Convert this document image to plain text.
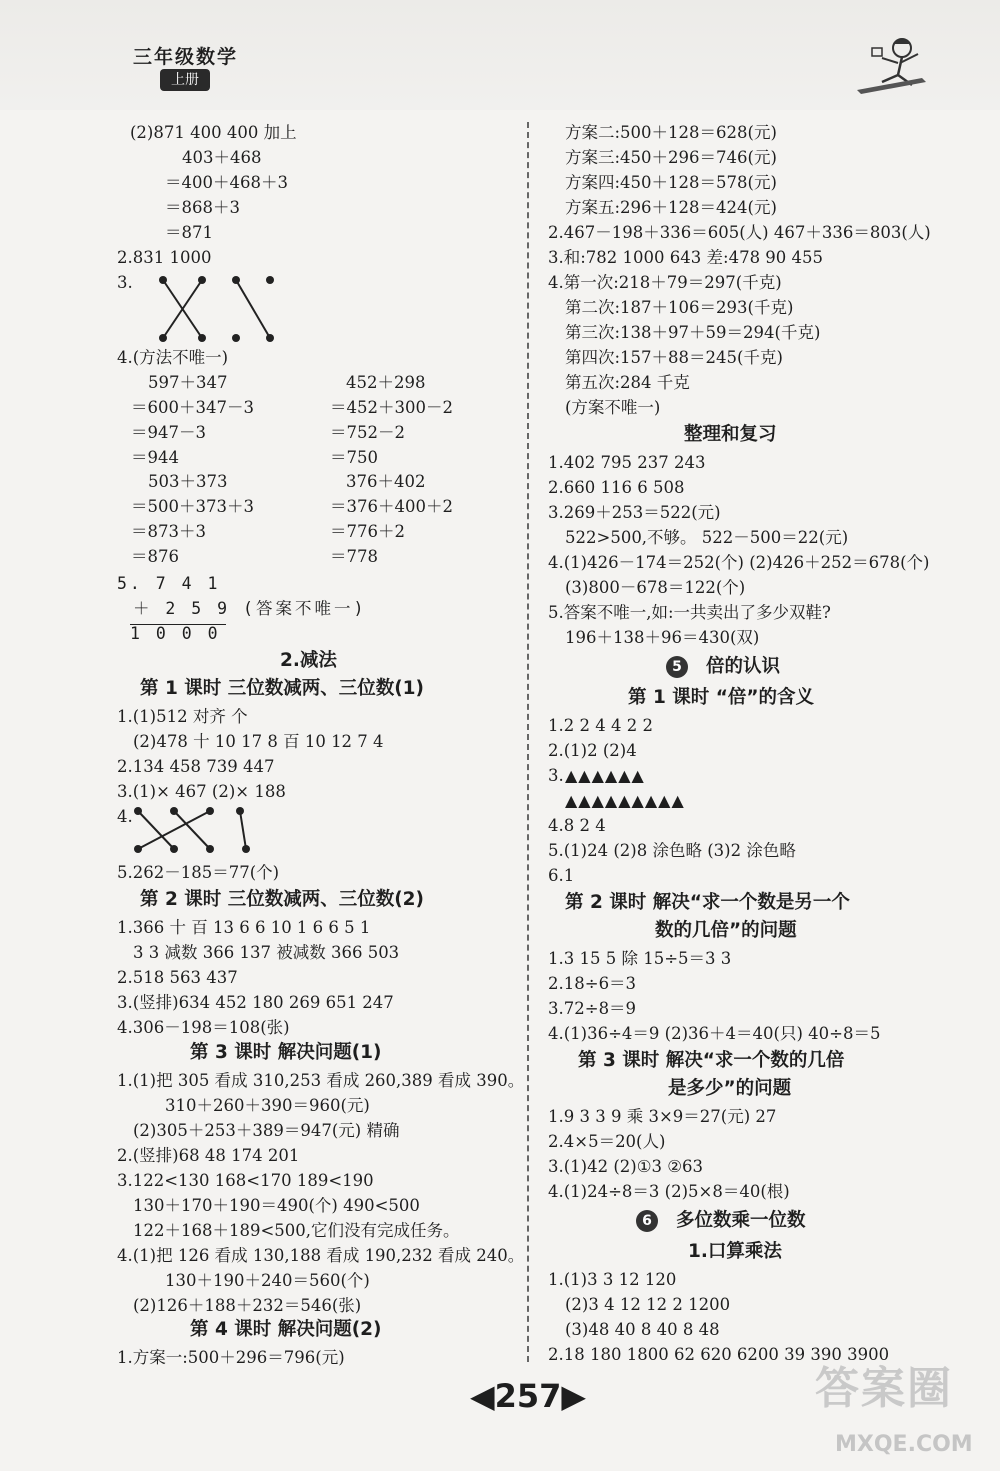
三年级数学
上册
(2)871 400 400 加上
403＋468
＝400＋468＋3
＝868＋3
＝871
2.831 1000
3.
4.(方法不唯一)
597＋347	452＋298
＝600＋347－3	＝452＋300－2
＝947－3	＝752－2
＝944	＝750
503＋373	376＋402
＝500＋373＋3	＝376＋400＋2
＝873＋3	＝776＋2
＝876	＝778
5. 7 4 1
＋ 2 5 9 (答案不唯一)
1 0 0 0
2.减法
第 1 课时 三位数减两、三位数(1)
1.(1)512 对齐 个
(2)478 十 10 17 8 百 10 12 7 4
2.134 458 739 447
3.(1)× 467 (2)× 188
4.
5.262－185＝77(个)
第 2 课时 三位数减两、三位数(2)
1.366 十 百 13 6 6 10 1 6 6 5 1
3 3 减数 366 137 被减数 366 503
2.518 563 437
3.(竖排)634 452 180 269 651 247
4.306－198＝108(张)
第 3 课时 解决问题(1)
1.(1)把 305 看成 310,253 看成 260,389 看成 390。
310＋260＋390＝960(元)
(2)305＋253＋389＝947(元) 精确
2.(竖排)68 48 174 201
3.122<130 168<170 189<190
130＋170＋190＝490(个) 490<500
122＋168＋189<500,它们没有完成任务。
4.(1)把 126 看成 130,188 看成 190,232 看成 240。
130＋190＋240＝560(个)
(2)126＋188＋232＝546(张)
第 4 课时 解决问题(2)
1.方案一:500＋296＝796(元)
方案二:500＋128＝628(元)
方案三:450＋296＝746(元)
方案四:450＋128＝578(元)
方案五:296＋128＝424(元)
2.467－198＋336＝605(人) 467＋336＝803(人)
3.和:782 1000 643 差:478 90 455
4.第一次:218＋79＝297(千克)
第二次:187＋106＝293(千克)
第三次:138＋97＋59＝294(千克)
第四次:157＋88＝245(千克)
第五次:284 千克
(方案不唯一)
整理和复习
1.402 795 237 243
2.660 116 6 508
3.269＋253＝522(元)
522>500,不够。 522－500＝22(元)
4.(1)426－174＝252(个) (2)426＋252＝678(个)
(3)800－678＝122(个)
5.答案不唯一,如:一共卖出了多少双鞋?
196＋138＋96＝430(双)
5 倍的认识
第 1 课时 “倍”的含义
1.2 2 4 4 2 2
2.(1)2 (2)4
3.
4.8 2 4
5.(1)24 (2)8 涂色略 (3)2 涂色略
6.1
第 2 课时 解决“求一个数是另一个
数的几倍”的问题
1.3 15 5 除 15÷5＝3 3
2.18÷6＝3
3.72÷8＝9
4.(1)36÷4＝9 (2)36＋4＝40(只) 40÷8＝5
第 3 课时 解决“求一个数的几倍
是多少”的问题
1.9 3 3 9 乘 3×9＝27(元) 27
2.4×5＝20(人)
3.(1)42 (2)①3 ②63
4.(1)24÷8＝3 (2)5×8＝40(根)
6 多位数乘一位数
1.口算乘法
1.(1)3 3 12 120
(2)3 4 12 12 2 1200
(3)48 40 8 40 8 48
2.18 180 1800 62 620 6200 39 390 3900
▲▲▲▲▲▲
▲▲▲▲▲▲▲▲▲
◀257▶	答案圈
MXQE.COM
